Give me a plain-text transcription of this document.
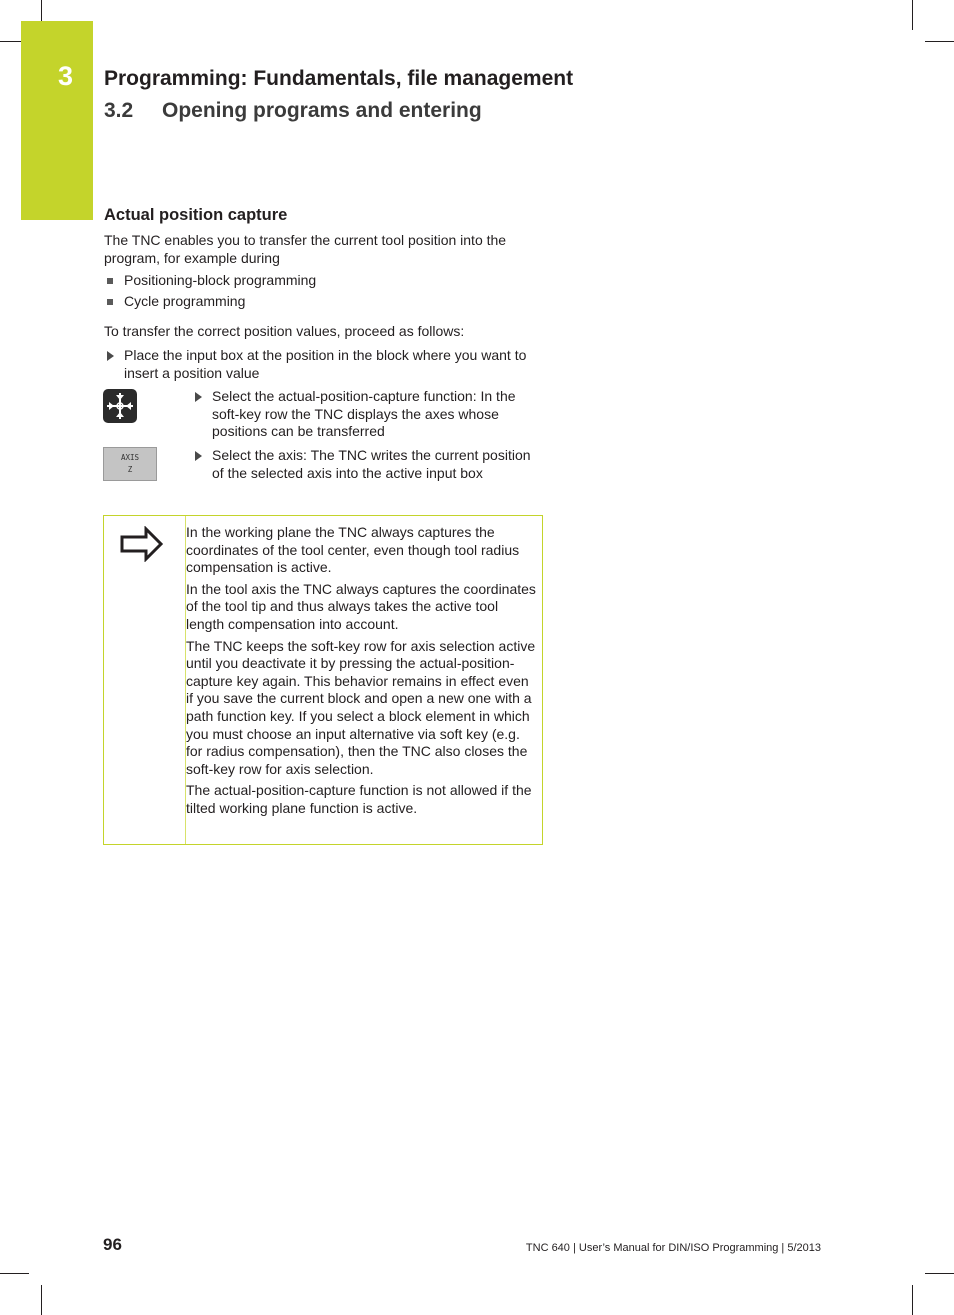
3 Programming: Fundamentals, file management
3.2 Opening programs and entering
Actual position capture
The TNC enables you to transfer the current tool position into the program, for example during
Positioning-block programming
Cycle programming
To transfer the correct position values, proceed as follows:
Place the input box at the position in the block where you want to insert a position value
Select the actual-position-capture function: In the soft-key row the TNC displays the axes whose positions can be transferred
AXIS
Z
Select the axis: The TNC writes the current position of the selected axis into the active input box

In the working plane the TNC always captures the coordinates of the tool center, even though tool radius compensation is active.

In the tool axis the TNC always captures the coordinates of the tool tip and thus always takes the active tool length compensation into account.

The TNC keeps the soft-key row for axis selection active until you deactivate it by pressing the actual-position-capture key again. This behavior remains in effect even if you save the current block and open a new one with a path function key. If you select a block element in which you must choose an input alternative via soft key (e.g. for radius compensation), then the TNC also closes the soft-key row for axis selection.

The actual-position-capture function is not allowed if the tilted working plane function is active.

96	TNC 640 | User’s Manual for DIN/ISO Programming | 5/2013
